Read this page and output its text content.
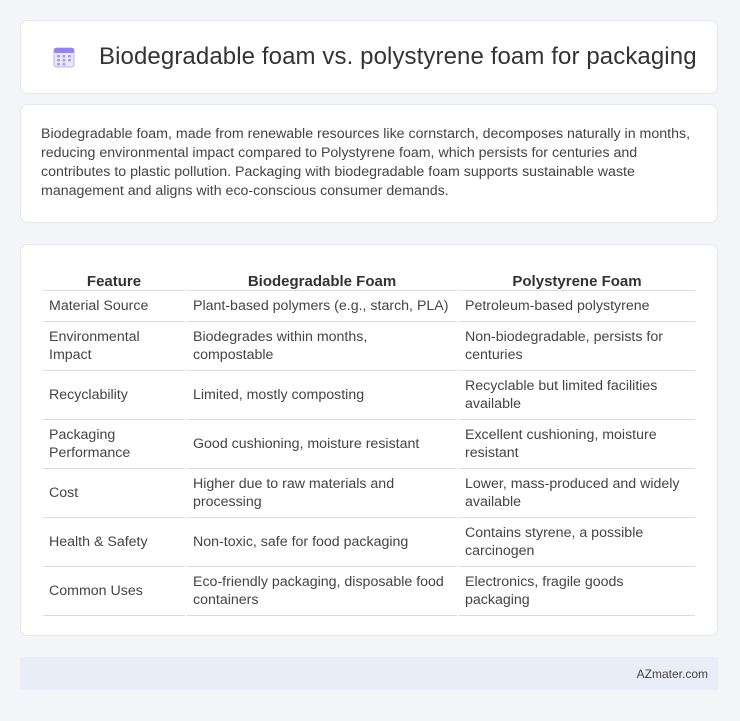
Biodegradable foam vs. polystyrene foam for packaging

Biodegradable foam, made from renewable resources like cornstarch, decomposes naturally in months, reducing environmental impact compared to Polystyrene foam, which persists for centuries and contributes to plastic pollution. Packaging with biodegradable foam supports sustainable waste management and aligns with eco-conscious consumer demands.

Feature	Biodegradable Foam	Polystyrene Foam
Material Source	Plant-based polymers (e.g., starch, PLA)	Petroleum-based polystyrene
Environmental Impact	Biodegrades within months, compostable	Non-biodegradable, persists for centuries
Recyclability	Limited, mostly composting	Recyclable but limited facilities available
Packaging Performance	Good cushioning, moisture resistant	Excellent cushioning, moisture resistant
Cost	Higher due to raw materials and processing	Lower, mass-produced and widely available
Health & Safety	Non-toxic, safe for food packaging	Contains styrene, a possible carcinogen
Common Uses	Eco-friendly packaging, disposable food containers	Electronics, fragile goods packaging
AZmater.com
